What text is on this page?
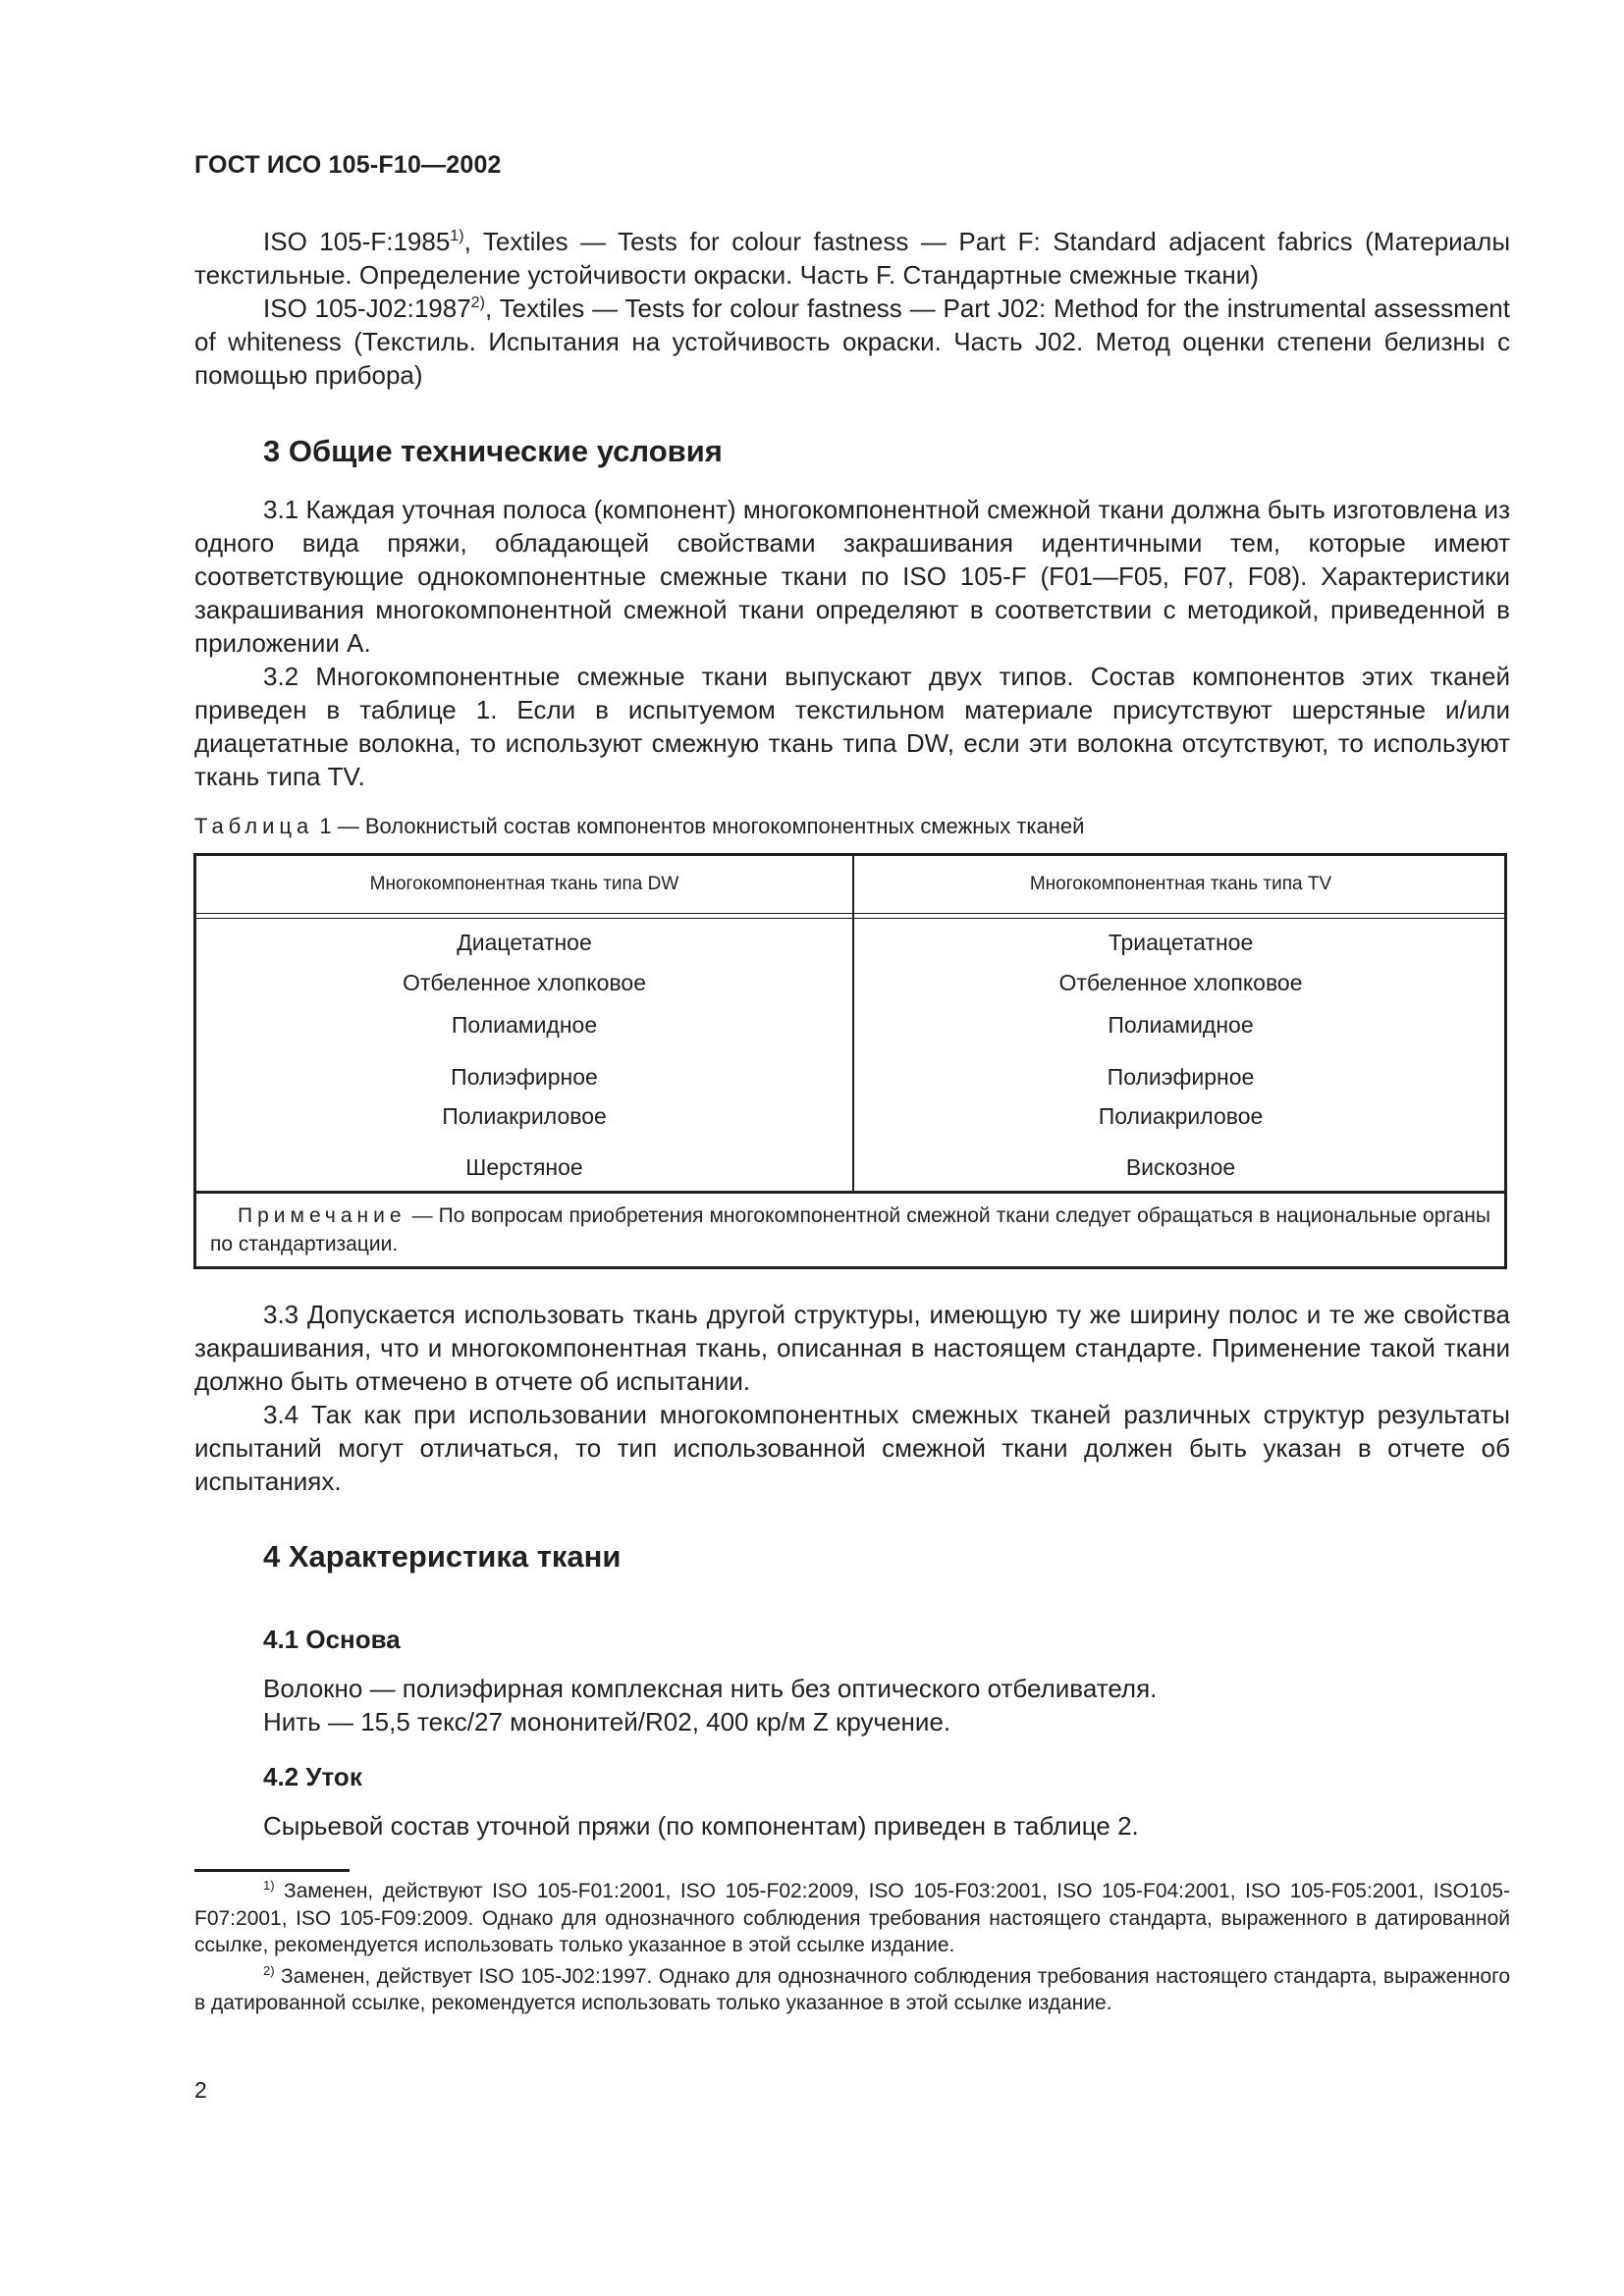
ГОСТ ИСО 105-F10—2002

ISO 105-F:1985$^{1)}$, Textiles — Tests for colour fastness — Part F: Standard adjacent fabrics (Материалы текстильные. Определение устойчивости окраски. Часть F. Стандартные смежные ткани)

ISO 105-J02:1987$^{2)}$, Textiles — Tests for colour fastness — Part J02: Method for the instrumental assessment of whiteness (Текстиль. Испытания на устойчивость окраски. Часть J02. Метод оценки степени белизны с помощью прибора)

3 Общие технические условия

3.1 Каждая уточная полоса (компонент) многокомпонентной смежной ткани должна быть изготовлена из одного вида пряжи, обладающей свойствами закрашивания идентичными тем, которые имеют соответствующие однокомпонентные смежные ткани по ISO 105-F (F01—F05, F07, F08). Характеристики закрашивания многокомпонентной смежной ткани определяют в соответствии с методикой, приведенной в приложении А.

3.2 Многокомпонентные смежные ткани выпускают двух типов. Состав компонентов этих тканей приведен в таблице 1. Если в испытуемом текстильном материале присутствуют шерстяные и/или диацетатные волокна, то используют смежную ткань типа DW, если эти волокна отсутствуют, то используют ткань типа TV.

Таблица 1 — Волокнистый состав компонентов многокомпонентных смежных тканей
Многокомпонентная ткань типа DW	Многокомпонентная ткань типа TV
Диацетатное	Триацетатное
Отбеленное хлопковое	Отбеленное хлопковое
Полиамидное	Полиамидное
Полиэфирное	Полиэфирное
Полиакриловое	Полиакриловое
Шерстяное	Вискозное
Примечание — По вопросам приобретения многокомпонентной смежной ткани следует обращаться в национальные органы по стандартизации.

3.3 Допускается использовать ткань другой структуры, имеющую ту же ширину полос и те же свойства закрашивания, что и многокомпонентная ткань, описанная в настоящем стандарте. Применение такой ткани должно быть отмечено в отчете об испытании.

3.4 Так как при использовании многокомпонентных смежных тканей различных структур результаты испытаний могут отличаться, то тип использованной смежной ткани должен быть указан в отчете об испытаниях.

4 Характеристика ткани
4.1 Основа
Волокно — полиэфирная комплексная нить без оптического отбеливателя.
Нить — 15,5 текс/27 мононитей/R02, 400 кр/м Z кручение.
4.2 Уток
Сырьевой состав уточной пряжи (по компонентам) приведен в таблице 2.

$^{1)}$ Заменен, действуют ISO 105-F01:2001, ISO 105-F02:2009, ISO 105-F03:2001, ISO 105-F04:2001, ISO 105-F05:2001, ISO105-F07:2001, ISO 105-F09:2009. Однако для однозначного соблюдения требования настоящего стандарта, выраженного в датированной ссылке, рекомендуется использовать только указанное в этой ссылке издание.

$^{2)}$ Заменен, действует ISO 105-J02:1997. Однако для однозначного соблюдения требования настоящего стандарта, выраженного в датированной ссылке, рекомендуется использовать только указанное в этой ссылке издание.

2
